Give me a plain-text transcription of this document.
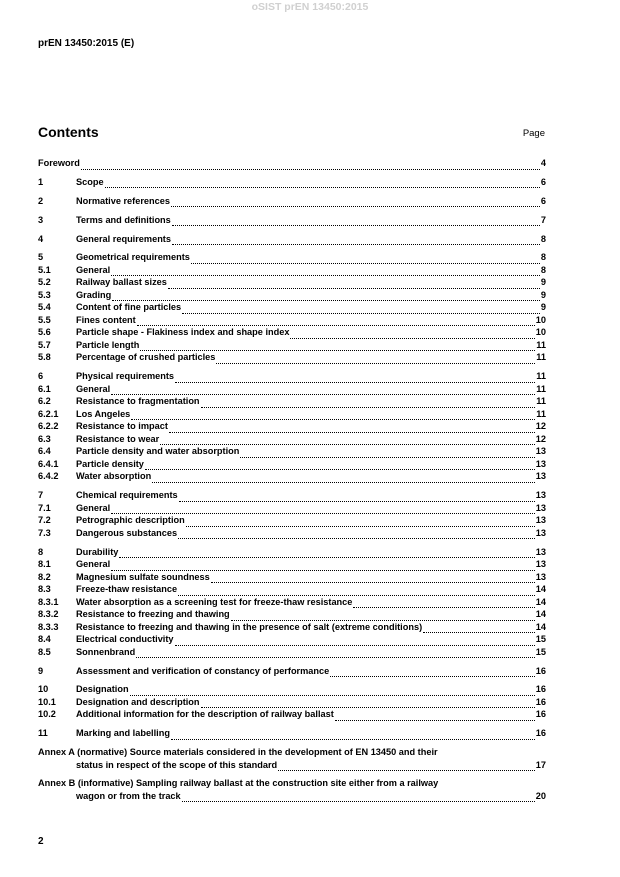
oSIST prEN 13450:2015
prEN 13450:2015 (E)
Contents	Page
Foreword	4
1	Scope	6
2	Normative references	6
3	Terms and definitions	7
4	General requirements	8
5	Geometrical requirements	8
5.1	General	8
5.2	Railway ballast sizes	9
5.3	Grading	9
5.4	Content of fine particles	9
5.5	Fines content	10
5.6	Particle shape - Flakiness index and shape index	10
5.7	Particle length	11
5.8	Percentage of crushed particles	11
6	Physical requirements	11
6.1	General	11
6.2	Resistance to fragmentation	11
6.2.1	Los Angeles	11
6.2.2	Resistance to impact	12
6.3	Resistance to wear	12
6.4	Particle density and water absorption	13
6.4.1	Particle density	13
6.4.2	Water absorption	13
7	Chemical requirements	13
7.1	General	13
7.2	Petrographic description	13
7.3	Dangerous substances	13
8	Durability	13
8.1	General	13
8.2	Magnesium sulfate soundness	13
8.3	Freeze-thaw resistance	14
8.3.1	Water absorption as a screening test for freeze-thaw resistance	14
8.3.2	Resistance to freezing and thawing	14
8.3.3	Resistance to freezing and thawing in the presence of salt (extreme conditions)	14
8.4	Electrical conductivity	15
8.5	Sonnenbrand	15
9	Assessment and verification of constancy of performance	16
10	Designation	16
10.1	Designation and description	16
10.2	Additional information for the description of railway ballast	16
11	Marking and labelling	16
Annex A (normative) Source materials considered in the development of EN 13450 and their
status in respect of the scope of this standard	17
Annex B (informative) Sampling railway ballast at the construction site either from a railway
wagon or from the track	20
2
